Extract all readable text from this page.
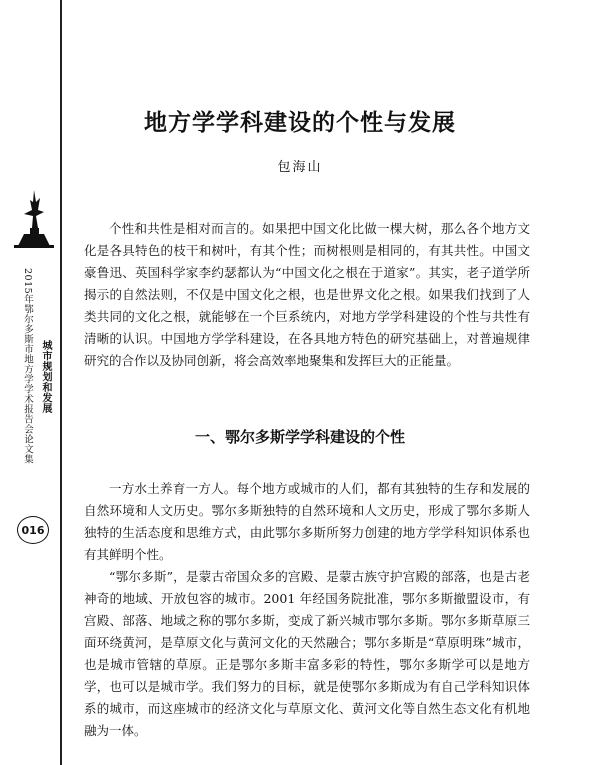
2015年鄂尔多斯市地方学学术报告会论文集 城市规划和发展
016
地方学学科建设的个性与发展
包海山

个性和共性是相对而言的。如果把中国文化比做一棵大树，那么各个地方文化是各具特色的枝干和树叶，有其个性；而树根则是相同的，有其共性。中国文豪鲁迅、英国科学家李约瑟都认为“中国文化之根在于道家”。其实，老子道学所揭示的自然法则，不仅是中国文化之根，也是世界文化之根。如果我们找到了人类共同的文化之根，就能够在一个巨系统内，对地方学学科建设的个性与共性有清晰的认识。中国地方学学科建设，在各具地方特色的研究基础上，对普遍规律研究的合作以及协同创新，将会高效率地聚集和发挥巨大的正能量。

一、鄂尔多斯学学科建设的个性

一方水土养育一方人。每个地方或城市的人们，都有其独特的生存和发展的自然环境和人文历史。鄂尔多斯独特的自然环境和人文历史，形成了鄂尔多斯人独特的生活态度和思维方式，由此鄂尔多斯所努力创建的地方学学科知识体系也有其鲜明个性。

“鄂尔多斯”，是蒙古帝国众多的宫殿、是蒙古族守护宫殿的部落，也是古老神奇的地域、开放包容的城市。2001 年经国务院批准，鄂尔多斯撤盟设市，有宫殿、部落、地域之称的鄂尔多斯，变成了新兴城市鄂尔多斯。鄂尔多斯草原三面环绕黄河，是草原文化与黄河文化的天然融合；鄂尔多斯是“草原明珠”城市，也是城市管辖的草原。正是鄂尔多斯丰富多彩的特性，鄂尔多斯学可以是地方学，也可以是城市学。我们努力的目标，就是使鄂尔多斯成为有自己学科知识体系的城市，而这座城市的经济文化与草原文化、黄河文化等自然生态文化有机地融为一体。
